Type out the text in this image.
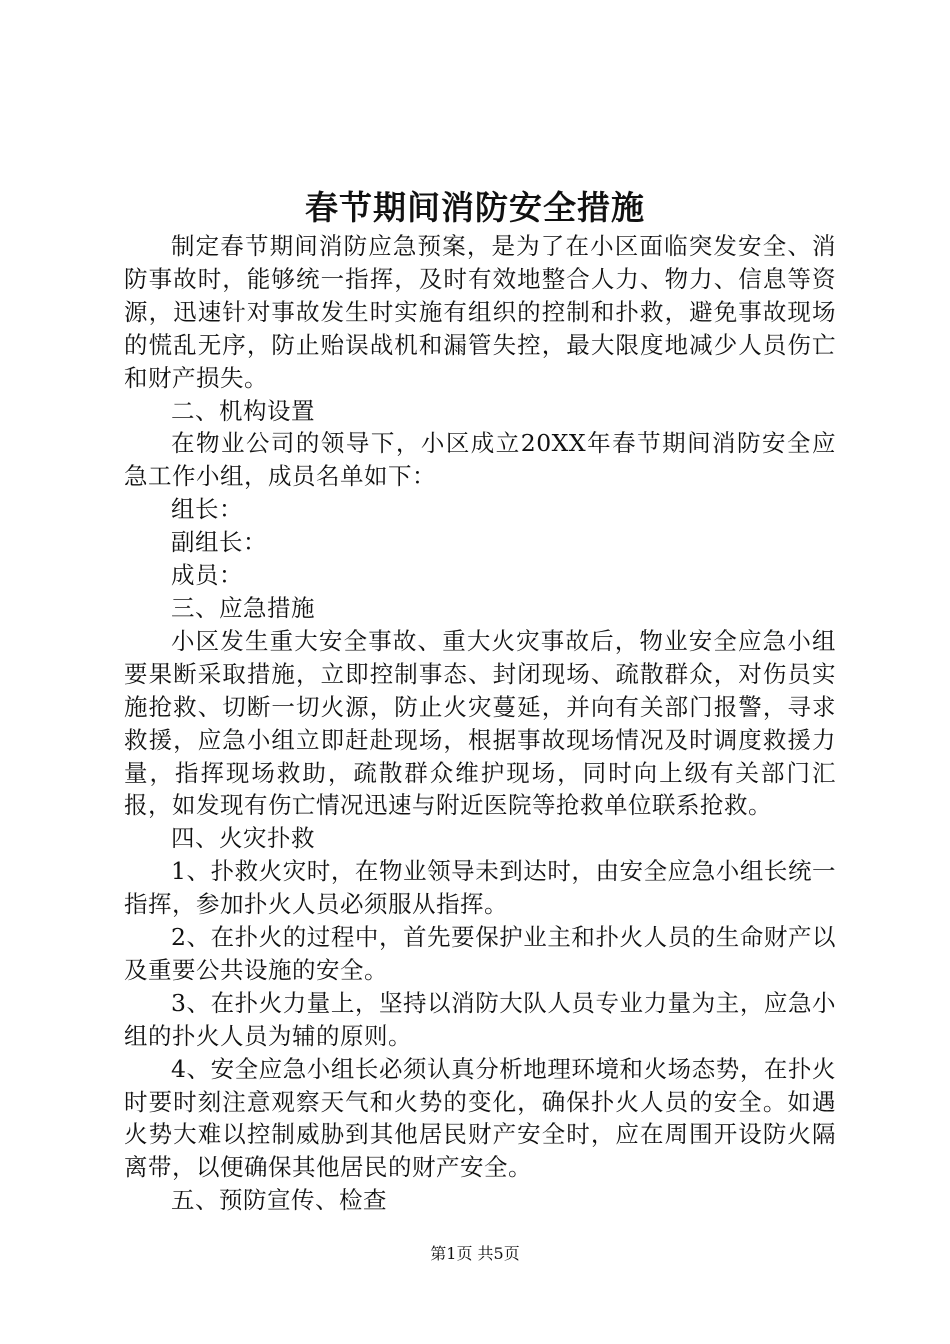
春节期间消防安全措施

制定春节期间消防应急预案，是为了在小区面临突发安全、消防事故时，能够统一指挥，及时有效地整合人力、物力、信息等资源，迅速针对事故发生时实施有组织的控制和扑救，避免事故现场的慌乱无序，防止贻误战机和漏管失控，最大限度地减少人员伤亡和财产损失。

二、机构设置

在物业公司的领导下，小区成立20XX年春节期间消防安全应急工作小组，成员名单如下：

组长：

副组长：

成员：

三、应急措施

小区发生重大安全事故、重大火灾事故后，物业安全应急小组要果断采取措施，立即控制事态、封闭现场、疏散群众，对伤员实施抢救、切断一切火源，防止火灾蔓延，并向有关部门报警，寻求救援，应急小组立即赶赴现场，根据事故现场情况及时调度救援力量，指挥现场救助，疏散群众维护现场，同时向上级有关部门汇报，如发现有伤亡情况迅速与附近医院等抢救单位联系抢救。

四、火灾扑救

1、扑救火灾时，在物业领导未到达时，由安全应急小组长统一指挥，参加扑火人员必须服从指挥。

2、在扑火的过程中，首先要保护业主和扑火人员的生命财产以及重要公共设施的安全。

3、在扑火力量上，坚持以消防大队人员专业力量为主，应急小组的扑火人员为辅的原则。

4、安全应急小组长必须认真分析地理环境和火场态势，在扑火时要时刻注意观察天气和火势的变化，确保扑火人员的安全。如遇火势大难以控制威胁到其他居民财产安全时，应在周围开设防火隔离带，以便确保其他居民的财产安全。

五、预防宣传、检查

第1页 共5页
